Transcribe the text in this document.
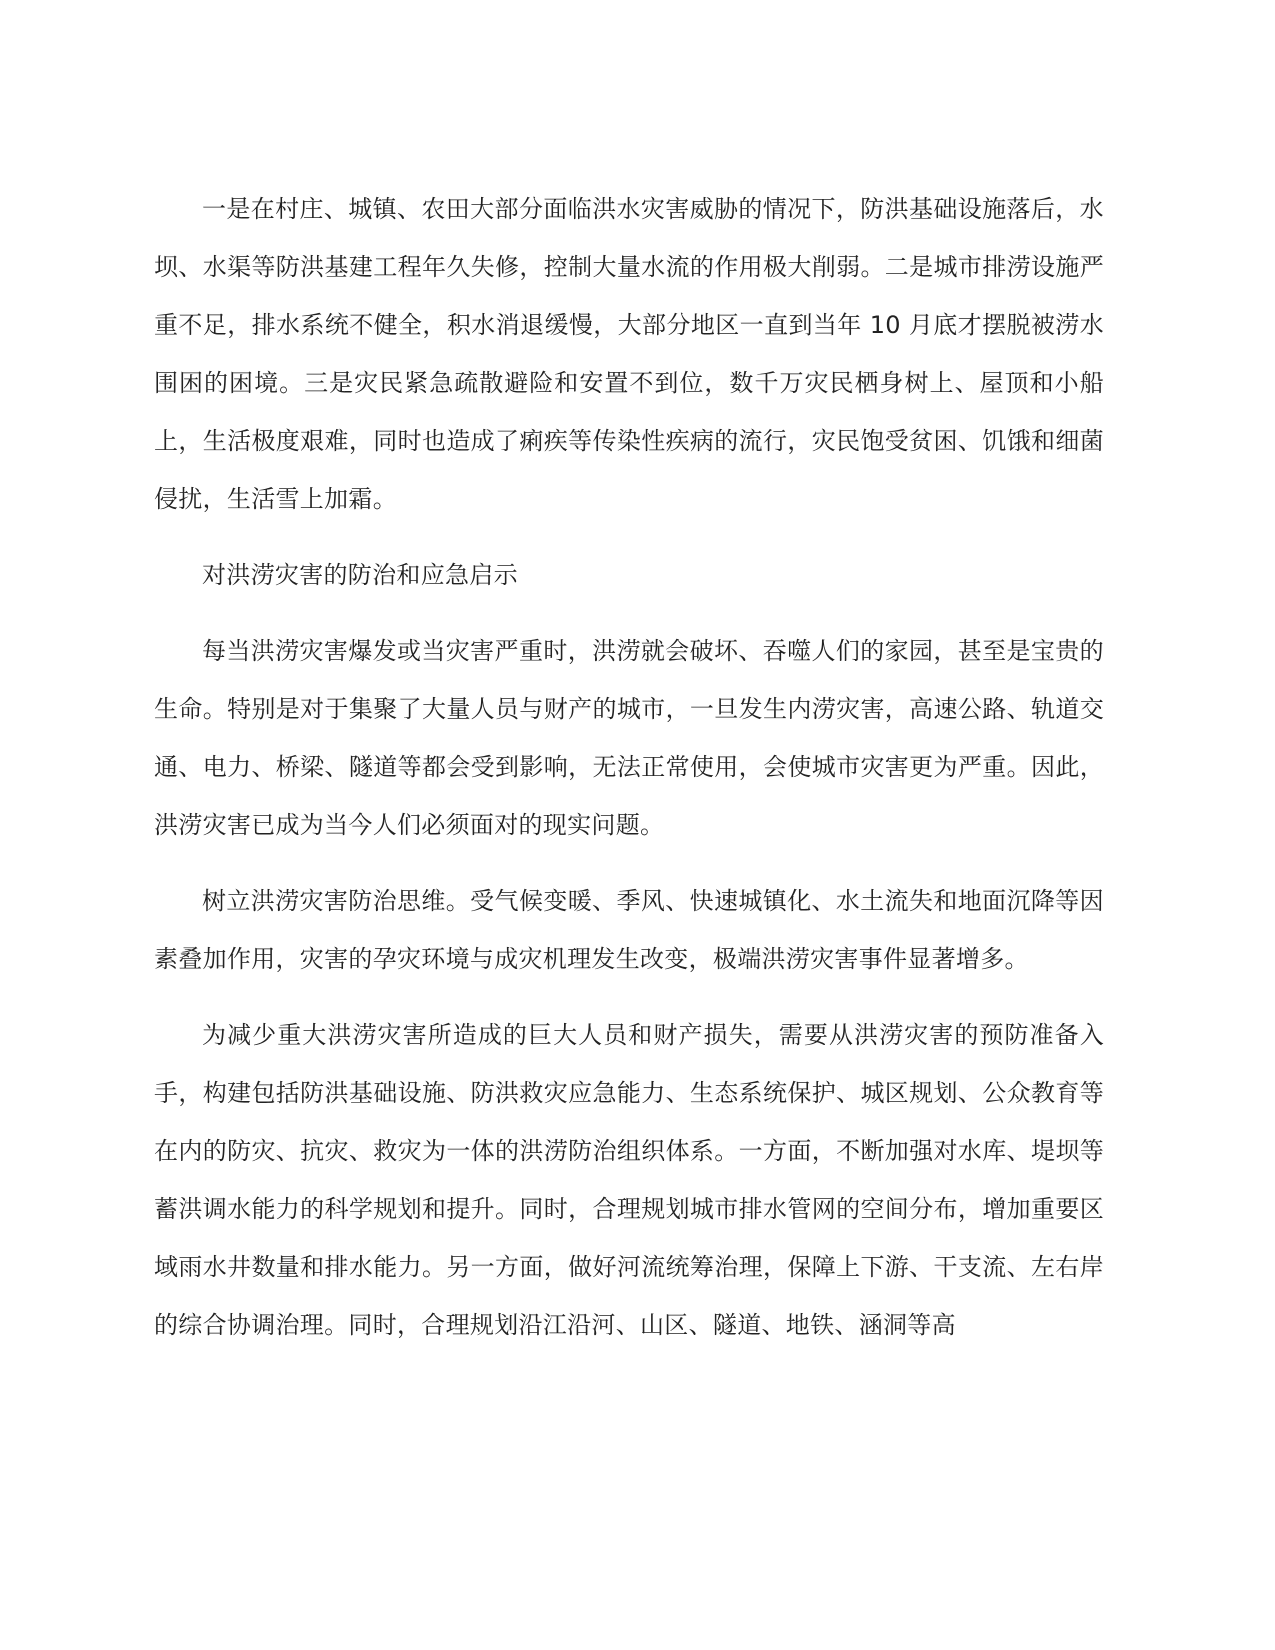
一是在村庄、城镇、农田大部分面临洪水灾害威胁的情况下，防洪基础设施落后，水坝、水渠等防洪基建工程年久失修，控制大量水流的作用极大削弱。二是城市排涝设施严重不足，排水系统不健全，积水消退缓慢，大部分地区一直到当年 10 月底才摆脱被涝水围困的困境。三是灾民紧急疏散避险和安置不到位，数千万灾民栖身树上、屋顶和小船上，生活极度艰难，同时也造成了痢疾等传染性疾病的流行，灾民饱受贫困、饥饿和细菌侵扰，生活雪上加霜。

对洪涝灾害的防治和应急启示

每当洪涝灾害爆发或当灾害严重时，洪涝就会破坏、吞噬人们的家园，甚至是宝贵的生命。特别是对于集聚了大量人员与财产的城市，一旦发生内涝灾害，高速公路、轨道交通、电力、桥梁、隧道等都会受到影响，无法正常使用，会使城市灾害更为严重。因此，洪涝灾害已成为当今人们必须面对的现实问题。

树立洪涝灾害防治思维。受气候变暖、季风、快速城镇化、水土流失和地面沉降等因素叠加作用，灾害的孕灾环境与成灾机理发生改变，极端洪涝灾害事件显著增多。

为减少重大洪涝灾害所造成的巨大人员和财产损失，需要从洪涝灾害的预防准备入手，构建包括防洪基础设施、防洪救灾应急能力、生态系统保护、城区规划、公众教育等在内的防灾、抗灾、救灾为一体的洪涝防治组织体系。一方面，不断加强对水库、堤坝等蓄洪调水能力的科学规划和提升。同时，合理规划城市排水管网的空间分布，增加重要区域雨水井数量和排水能力。另一方面，做好河流统筹治理，保障上下游、干支流、左右岸的综合协调治理。同时，合理规划沿江沿河、山区、隧道、地铁、涵洞等高
